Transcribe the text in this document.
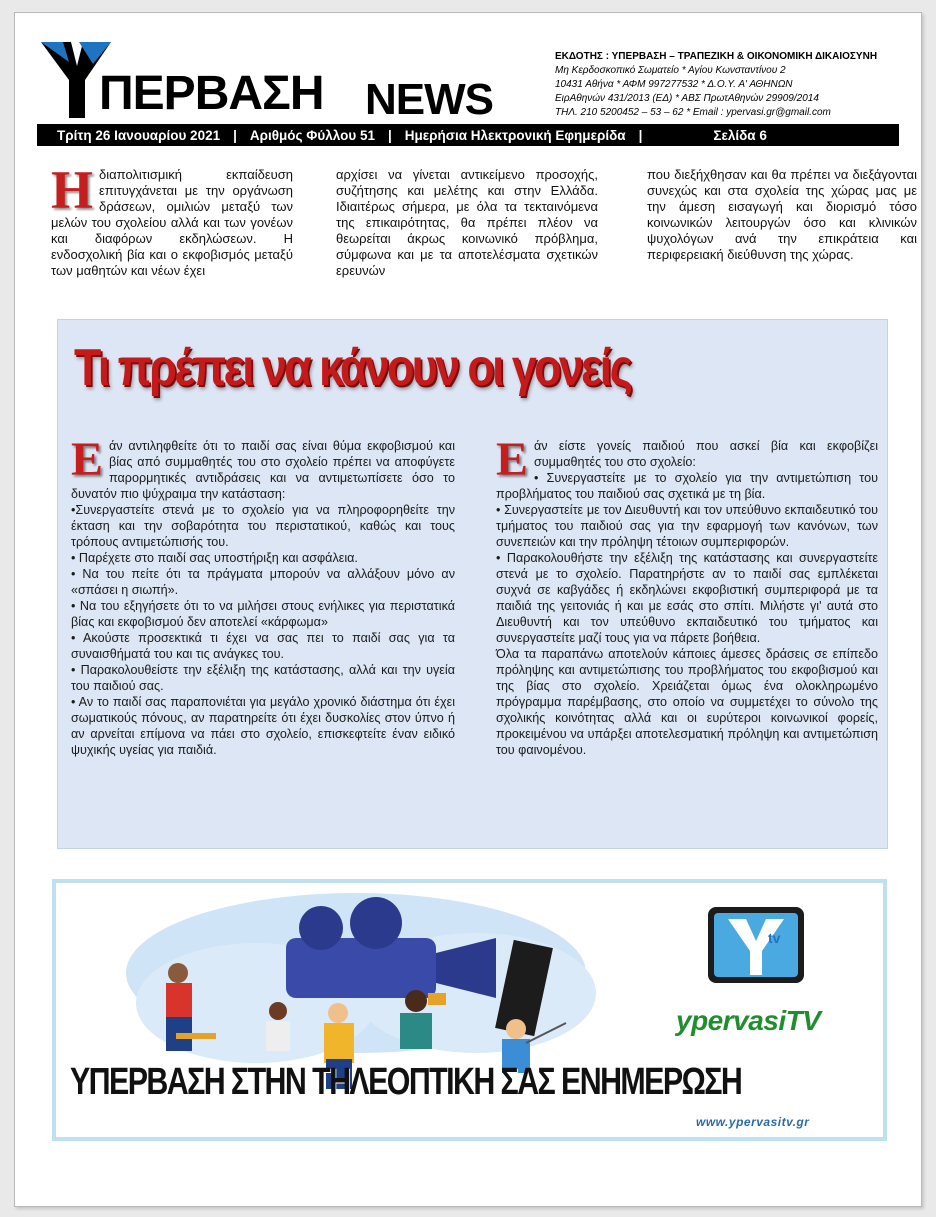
ΠΕΡΒΑΣΗ NEWS
ΕΚΔΟΤΗΣ : ΥΠΕΡΒΑΣΗ – ΤΡΑΠΕΖΙΚΗ & ΟΙΚΟΝΟΜΙΚΗ ΔΙΚΑΙΟΣΥΝΗ
Μη Κερδοσκοπικό Σωματείο * Αγίου Κωνσταντίνου 2
10431 Αθήνα * ΑΦΜ 997277532 * Δ.Ο.Υ. Α' ΑΘΗΝΩΝ
ΕιρΑθηνών 431/2013 (ΕΔ) * ΑΒΣ ΠρωτΑθηνών 29909/2014
ΤΗΛ. 210 5200452 – 53 – 62 * Email : ypervasi.gr@gmail.com
Τρίτη 26 Ιανουαρίου 2021 | Αριθμός Φύλλου 51 | Ημερήσια Ηλεκτρονική Εφημερίδα |	Σελίδα 6
Η διαπολιτισμική εκπαίδευση επιτυγχάνεται με την οργάνωση δράσεων, ομιλιών μεταξύ των μελών του σχολείου αλλά και των γονέων και διαφόρων εκδηλώσεων. Η ενδοσχολική βία και ο εκφοβισμός μεταξύ των μαθητών και νέων έχει
αρχίσει να γίνεται αντικείμενο προσοχής, συζήτησης και μελέτης και στην Ελλάδα. Ιδιαιτέρως σήμερα, με όλα τα τεκταινόμενα της επικαιρότητας, θα πρέπει πλέον να θεωρείται άκρως κοινωνικό πρόβλημα, σύμφωνα και με τα αποτελέσματα σχετικών ερευνών
που διεξήχθησαν και θα πρέπει να διεξάγονται συνεχώς και στα σχολεία της χώρας μας με την άμεση εισαγωγή και διορισμό τόσο κοινωνικών λειτουργών όσο και κλινικών ψυχολόγων ανά την επικράτεια και περιφερειακή διεύθυνση της χώρας.
Τι πρέπει να κάνουν οι γονείς

Εάν αντιληφθείτε ότι το παιδί σας είναι θύμα εκφοβισμού και βίας από συμμαθητές του στο σχολείο πρέπει να αποφύγετε παρορμητικές αντιδράσεις και να αντιμετωπίσετε όσο το δυνατόν πιο ψύχραιμα την κατάσταση:

•Συνεργαστείτε στενά με το σχολείο για να πληροφορηθείτε την έκταση και την σοβαρότητα του περιστατικού, καθώς και τους τρόπους αντιμετώπισής του.

• Παρέχετε στο παιδί σας υποστήριξη και ασφάλεια.

• Να του πείτε ότι τα πράγματα μπορούν να αλλάξουν μόνο αν «σπάσει η σιωπή».

• Να του εξηγήσετε ότι το να μιλήσει στους ενήλικες για περιστατικά βίας και εκφοβισμού δεν αποτελεί «κάρφωμα»

• Ακούστε προσεκτικά τι έχει να σας πει το παιδί σας για τα συναισθήματά του και τις ανάγκες του.

• Παρακολουθείστε την εξέλιξη της κατάστασης, αλλά και την υγεία του παιδιού σας.

• Αν το παιδί σας παραπονιέται για μεγάλο χρονικό διάστημα ότι έχει σωματικούς πόνους, αν παρατηρείτε ότι έχει δυσκολίες στον ύπνο ή αν αρνείται επίμονα να πάει στο σχολείο, επισκεφτείτε έναν ειδικό ψυχικής υγείας για παιδιά.

Εάν είστε γονείς παιδιού που ασκεί βία και εκφοβίζει συμμαθητές του στο σχολείο:

• Συνεργαστείτε με το σχολείο για την αντιμετώπιση του προβλήματος του παιδιού σας σχετικά με τη βία.

• Συνεργαστείτε με τον Διευθυντή και τον υπεύθυνο εκπαιδευτικό του τμήματος του παιδιού σας για την εφαρμογή των κανόνων, των συνεπειών και την πρόληψη τέτοιων συμπεριφορών.

• Παρακολουθήστε την εξέλιξη της κατάστασης και συνεργαστείτε στενά με το σχολείο. Παρατηρήστε αν το παιδί σας εμπλέκεται συχνά σε καβγάδες ή εκδηλώνει εκφοβιστική συμπεριφορά με τα παιδιά της γειτονιάς ή και με εσάς στο σπίτι. Μιλήστε γι' αυτά στο Διευθυντή και τον υπεύθυνο εκπαιδευτικό του τμήματος και συνεργαστείτε μαζί τους για να πάρετε βοήθεια.

Όλα τα παραπάνω αποτελούν κάποιες άμεσες δράσεις σε επίπεδο πρόληψης και αντιμετώπισης του προβλήματος του εκφοβισμού και της βίας στο σχολείο. Χρειάζεται όμως ένα ολοκληρωμένο πρόγραμμα παρέμβασης, στο οποίο να συμμετέχει το σύνολο της σχολικής κοινότητας αλλά και οι ευρύτεροι κοινωνικοί φορείς, προκειμένου να υπάρξει αποτελεσματική πρόληψη και αντιμετώπιση του φαινομένου.

tv
ypervasiTV
ΥΠΕΡΒΑΣΗ ΣΤΗΝ ΤΗΛΕΟΠΤΙΚΗ ΣΑΣ ΕΝΗΜΕΡΩΣΗ
www.ypervasitv.gr
